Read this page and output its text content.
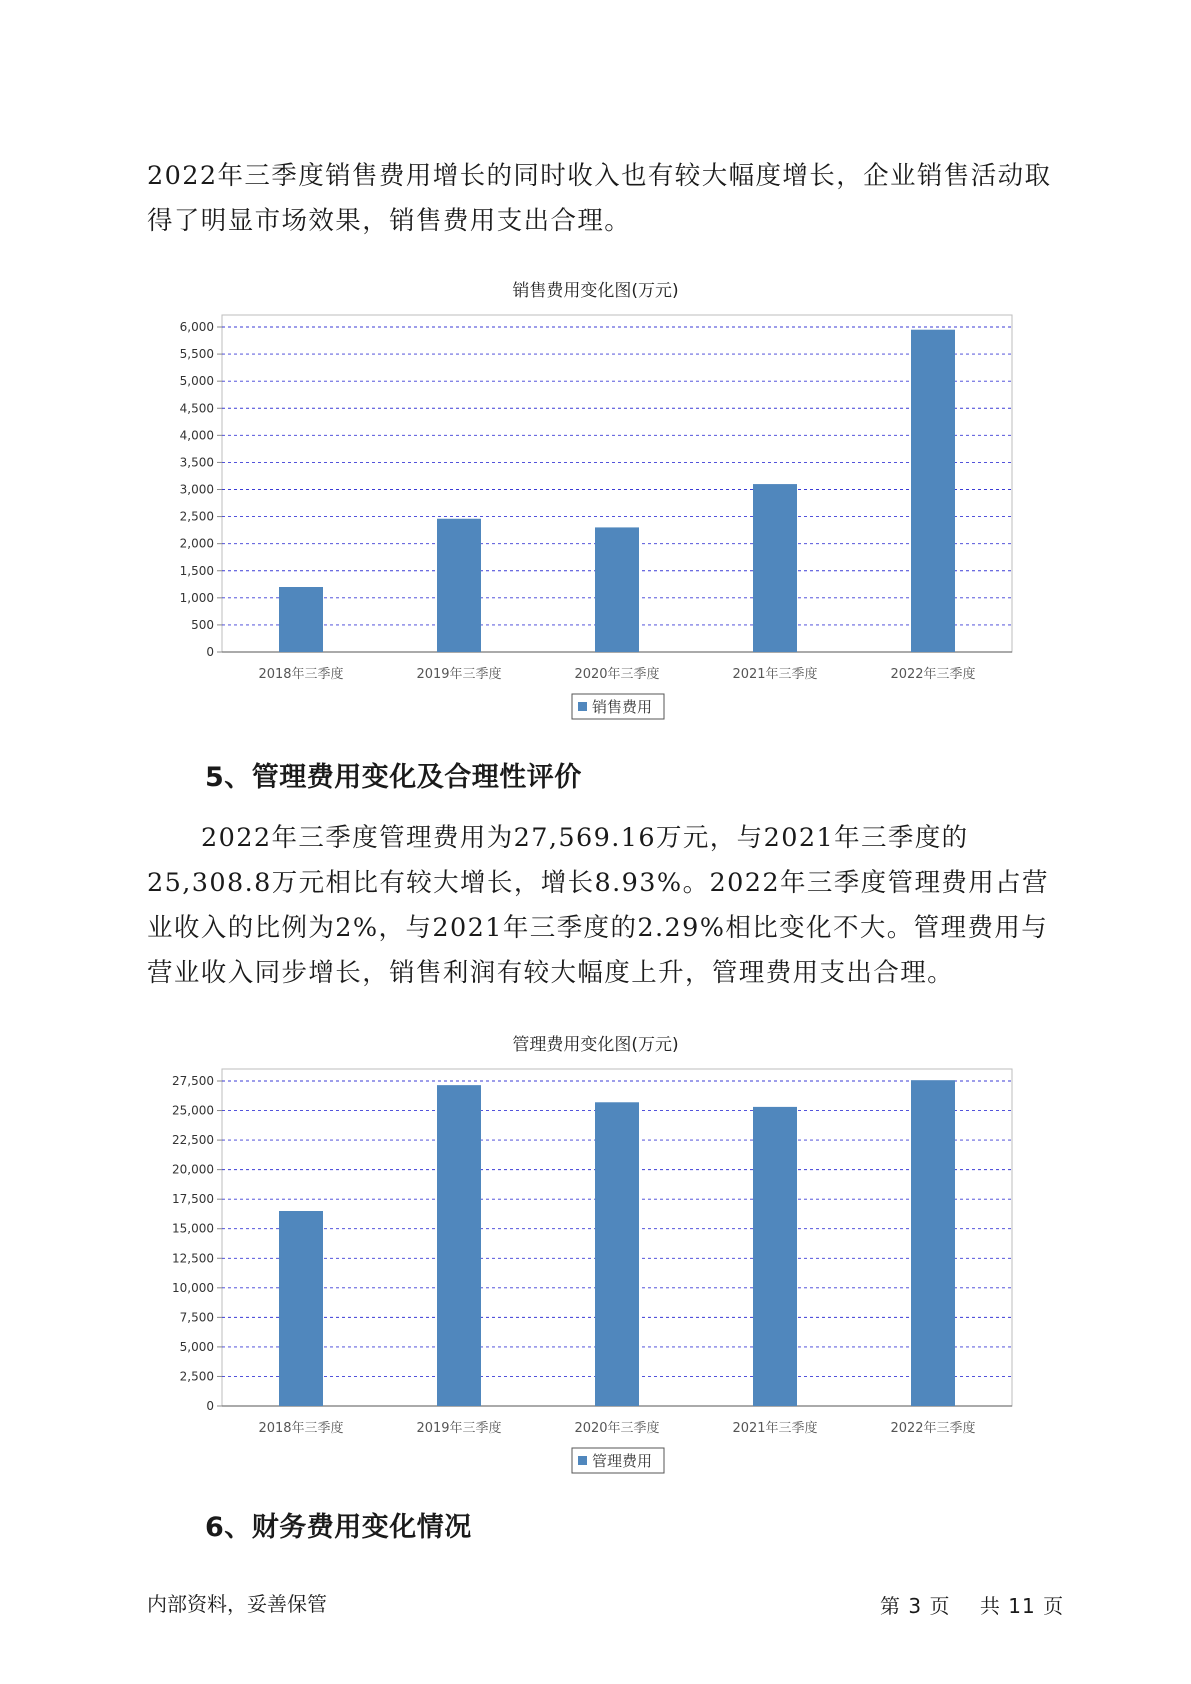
2022年三季度销售费用增长的同时收入也有较大幅度增长，企业销售活动取得了明显市场效果，销售费用支出合理。

销售费用变化图(万元)
0
500
1,000
1,500
2,000
2,500
3,000
3,500
4,000
4,500
5,000
5,500
6,000
2018年三季度	2019年三季度	2020年三季度	2021年三季度	2022年三季度
销售费用
5、管理费用变化及合理性评价

2022年三季度管理费用为27,569.16万元，与2021年三季度的25,308.8万元相比有较大增长，增长8.93%。2022年三季度管理费用占营业收入的比例为2%，与2021年三季度的2.29%相比变化不大。管理费用与营业收入同步增长，销售利润有较大幅度上升，管理费用支出合理。

管理费用变化图(万元)
0
2,500
5,000
7,500
10,000
12,500
15,000
17,500
20,000
22,500
25,000
27,500
2018年三季度	2019年三季度	2020年三季度	2021年三季度	2022年三季度
管理费用
6、财务费用变化情况
内部资料，妥善保管	第 3 页 共 11 页
